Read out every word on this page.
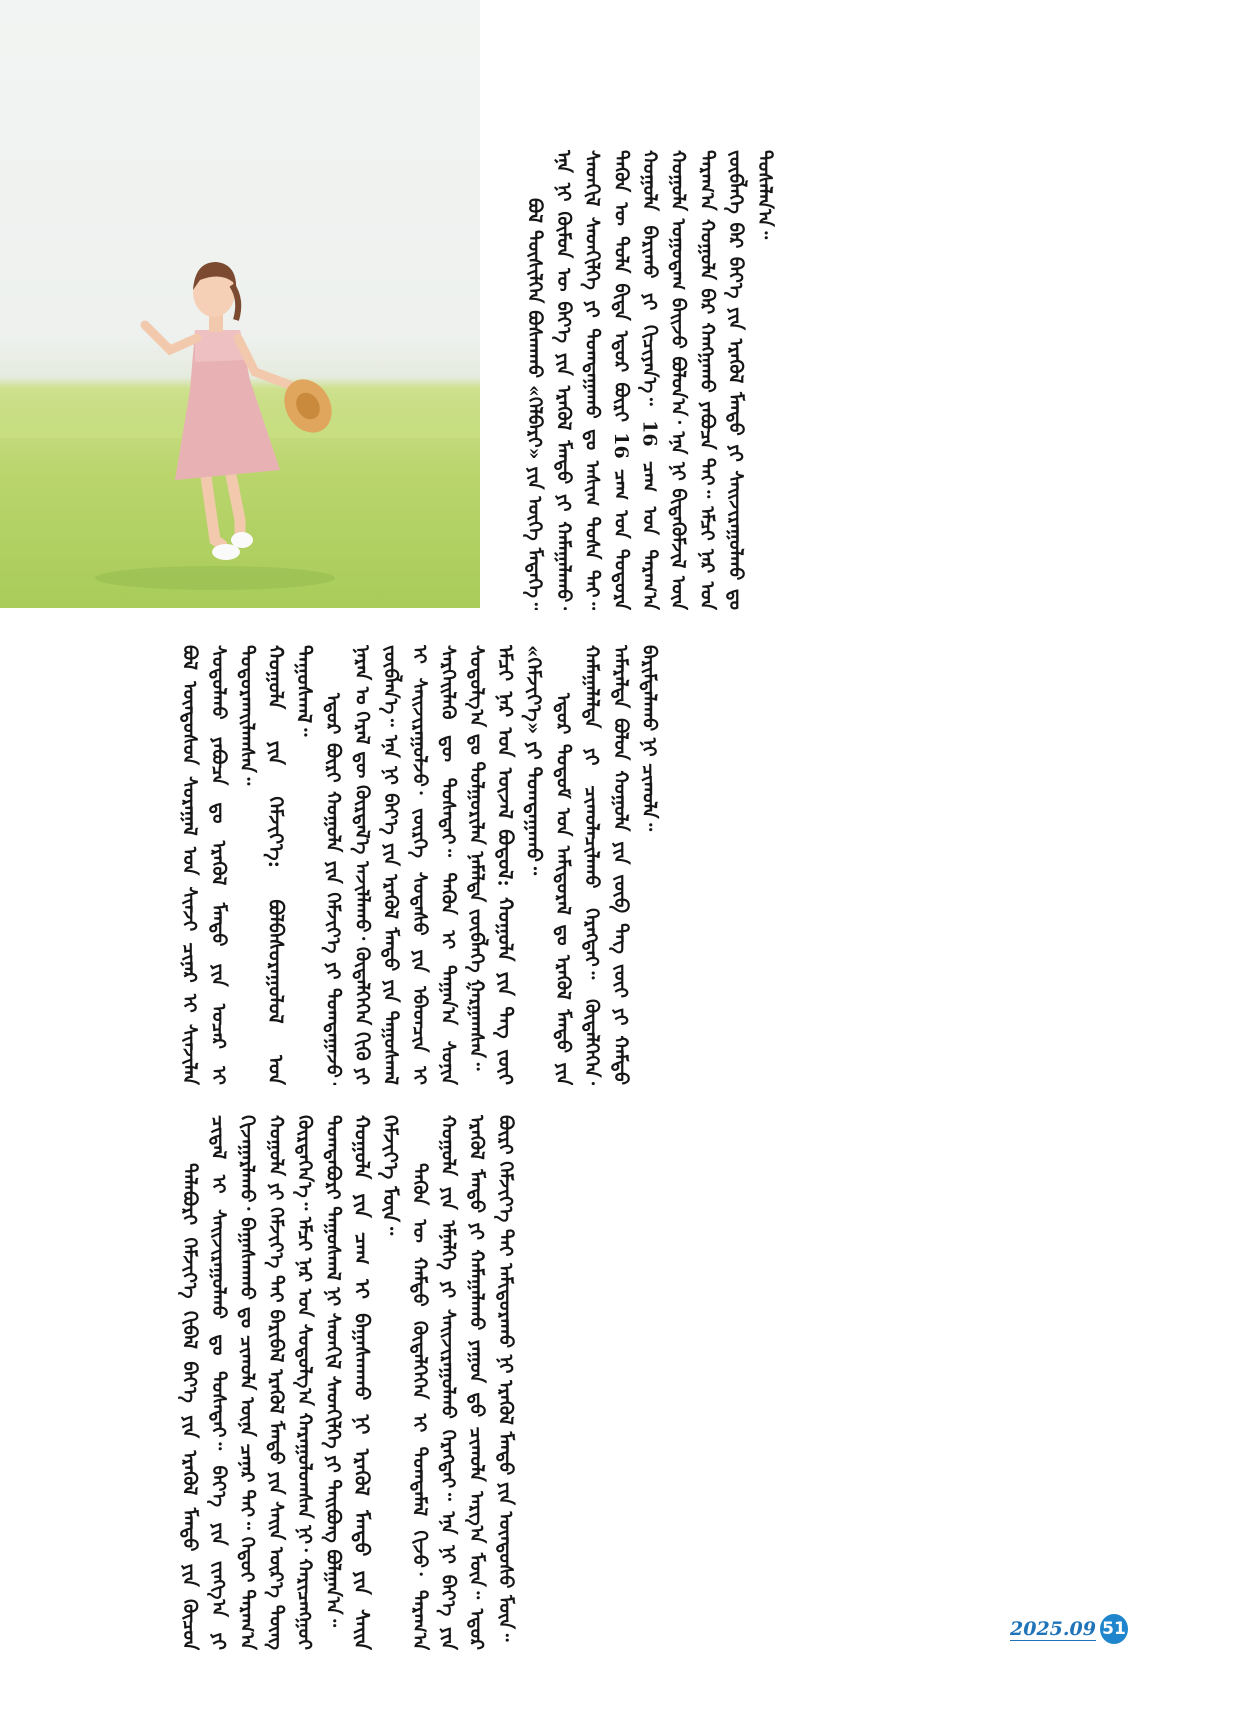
ᠪᠤᠯ ᠲᠦᠰᠢᠯᠬᠡᠨ ᠪᠣᠰᠬᠠᠬᠤ «ᠬᠡᠯᠪᠡᠷᠢ» ᠶᠢᠨ ᠦᠭᠡ ᠮᠡᠳᠡᠭᠡ᠃ ᠡᠨᠡ ᠨᠢ ᠬᠦᠮᠦᠨ ᠦ ᠪᠡᠶ᠎ᠡ ᠶᠢᠨ ᠡᠷᠡᠭᠦᠯ ᠮᠡᠨᠳᠦ ᠶᠢ ᠬᠠᠮᠠᠭᠠᠯᠠᠬᠤ᠂ ᠰᠡᠳᠬᠢᠯ ᠰᠡᠳᠬᠢᠯᠭᠡ ᠶᠢ ᠲᠣᠭᠲᠠᠭᠠᠬᠤ ᠳᠤ ᠠᠰᠢᠭ ᠲᠤᠰᠠ ᠲᠠᠢ᠃ ᠲᠡᠭᠦᠨ ᠦ ᠲᠤᠯᠠ ᠪᠢᠳᠡ ᠡᠳᠦᠷ ᠪᠦᠷᠢ 16 ᠴᠠᠭ ᠤᠨ ᠳᠣᠲᠣᠷᠠ ᠬᠣᠭᠣᠯᠠ ᠪᠠᠷᠢᠬᠤ ᠶᠢ ᠬᠢᠴᠢᠶᠡᠨ᠎ᠡ᠃ 16 ᠴᠠᠭ ᠤᠨ ᠳᠠᠷᠠᠭ᠎ᠠ ᠬᠣᠭᠣᠯᠠ ᠤᠭᠤᠳᠠᠭ ᠪᠠᠢᠵᠤ ᠪᠣᠯᠤᠨ᠎ᠠ᠂ ᠡᠨᠡ ᠨᠢ ᠪᠢᠲᠡᠭᠦᠮᠵᠢᠯ ᠦᠨ ᠳᠠᠷᠠᠭ᠎ᠠ ᠬᠣᠭᠣᠯᠠ ᠪᠡᠷ ᠬᠠᠩᠭᠠᠬᠤ ᠶᠠᠪᠤᠴᠠ ᠲᠠᠢ᠃ ᠡᠮᠴᠢ ᠨᠠᠷ ᠤᠨ ᠵᠥᠪᠯᠡᠭᠡ ᠪᠡᠷ ᠪᠡᠶ᠎ᠡ ᠶᠢᠨ ᠡᠷᠡᠭᠦᠯ ᠮᠡᠨᠳᠦ ᠶᠢ ᠰᠠᠢᠵᠢᠷᠠᠭᠤᠯᠬᠤ ᠳᠤ ᠲᠤᠰᠠᠯᠠᠨ᠎ᠠ᠃

ᠪᠣᠯ ᠦᠨᠳᠦᠰᠦᠨ ᠰᠤᠷᠠᠭᠠᠯ ᠤᠨ ᠰᠢᠨᠵᠢ ᠴᠢᠨᠠᠷ ᠢ ᠰᠢᠨᠵᠢᠯᠡᠨ ᠰᠤᠳᠤᠯᠬᠤ ᠶᠠᠪᠤᠴᠠ ᠳᠤ ᠡᠷᠡᠭᠦᠯ ᠮᠡᠨᠳᠦ ᠶᠢᠨ ᠤᠴᠠᠷ ᠢ ᠲᠣᠳᠣᠷᠬᠠᠢᠯᠠᠭᠰᠠᠨ᠃ ᠬᠣᠭᠣᠯᠠ ᠶᠢᠨ ᠬᠡᠮᠵᠢᠶ᠎ᠡ: ᠪᠣᠯᠪᠠᠰᠤᠷᠠᠭᠤᠯᠤᠯ ᠤᠨ ᠳᠠᠭᠤᠰᠬᠠᠯ᠃

ᠡᠳᠦᠷ ᠪᠦᠷᠢ ᠬᠣᠭᠣᠯᠠ ᠶᠢᠨ ᠬᠡᠮᠵᠢᠶ᠎ᠡ ᠶᠢ ᠲᠣᠭᠲᠠᠭᠠᠵᠤ᠂ ᠨᠠᠷᠠᠨ ᠤ ᠭᠡᠷᠡᠯ ᠳᠦ ᠬᠦᠷᠲᠡᠯ᠎ᠡ ᠠᠵᠢᠯᠯᠠᠬᠤ᠂ ᠬᠥᠳᠡᠯᠭᠡᠭᠡᠨ ᠬᠢᠬᠦ ᠶᠢ ᠵᠥᠪᠯᠡᠨ᠎ᠡ᠃ ᠡᠨᠡ ᠨᠢ ᠪᠡᠶ᠎ᠡ ᠶᠢᠨ ᠡᠷᠡᠭᠦᠯ ᠮᠡᠨᠳᠦ ᠶᠢᠨ ᠳᠠᠭᠤᠰᠬᠠᠯ ᠢ ᠰᠠᠢᠵᠢᠷᠠᠭᠤᠯᠵᠤ᠂ ᠵᠦᠷᠬᠡ ᠰᠤᠳᠠᠰᠤ ᠶᠢᠨ ᠡᠪᠡᠳᠴᠢᠨ ᠢ ᠰᠡᠷᠭᠡᠢᠯᠡᠬᠦ ᠳᠦ ᠲᠤᠰᠠᠲᠠᠢ᠃ ᠲᠡᠭᠦᠨ ᠢ ᠳᠠᠭᠠᠨ᠎ᠠ ᠰᠣᠨᠢᠨ ᠰᠤᠳᠤᠯᠭ᠎ᠠ ᠳᠤ ᠲᠤᠯᠭᠤᠷᠢᠯᠠᠨ ᠨᠡᠮᠡᠯᠲᠡ ᠵᠥᠪᠯᠡᠭᠡ ᠭᠠᠷᠭᠠᠭᠰᠠᠨ᠃ ᠡᠮᠴᠢ ᠨᠠᠷ ᠤᠨ ᠦᠵᠡᠯ ᠪᠣᠳᠤᠯ: ᠬᠣᠭᠣᠯᠠ ᠶᠢᠨ ᠳᠡᠭ ᠵᠦᠢ «ᠬᠡᠮᠵᠢᠶ᠎ᠡ» ᠶᠢ ᠲᠣᠭᠲᠠᠭᠠᠬᠤ᠃ ᠡᠳᠦᠷ ᠲᠤᠲᠤᠮ ᠤᠨ ᠠᠮᠢᠳᠤᠷᠠᠯ ᠳᠤ ᠡᠷᠡᠭᠦᠯ ᠮᠡᠨᠳᠦ ᠶᠢᠨ ᠬᠠᠮᠠᠭᠠᠯᠠᠯᠲᠠ ᠶᠢ ᠴᠢᠬᠤᠯᠠᠴᠢᠯᠠᠬᠤ ᠬᠡᠷᠡᠭᠲᠡᠢ᠃ ᠬᠥᠳᠡᠯᠭᠡᠭᠡᠨ᠂ ᠠᠮᠠᠷᠠᠯᠲᠠ ᠪᠣᠯᠤᠨ ᠬᠣᠭᠣᠯᠠ ᠶᠢᠨ ᠵᠥᠪ ᠳᠡᠭ ᠵᠦᠢ ᠶᠢ ᠬᠠᠮᠲᠤ ᠪᠠᠷᠢᠮᠲᠠᠯᠠᠬᠤ ᠨᠢ ᠴᠢᠬᠤᠯᠠ᠃

ᠲᠠᠯᠠᠪᠤᠷᠢ ᠬᠡᠮᠵᠢᠶ᠎ᠡ ᠬᠢᠪᠡᠯ ᠪᠡᠶ᠎ᠡ ᠶᠢᠨ ᠡᠷᠡᠭᠦᠯ ᠮᠡᠨᠳᠦ ᠶᠢᠨ ᠬᠦᠴᠦᠨ ᠴᠢᠳᠠᠯ ᠢ ᠰᠠᠢᠵᠢᠷᠠᠭᠤᠯᠬᠤ ᠳᠤ ᠲᠤᠰᠠᠲᠠᠢ᠃ ᠪᠡᠶ᠎ᠡ ᠶᠢᠨ ᠵᠢᠩᠭ᠎ᠠ ᠶᠢ ᠬᠢᠵᠠᠭᠠᠷᠯᠠᠬᠤ᠂ ᠪᠠᠭᠠᠰᠬᠠᠬᠤ ᠳᠤ ᠴᠢᠬᠤᠯᠠ ᠦᠨᠡ ᠴᠠᠨᠠᠷ ᠲᠠᠢ᠃ ᠬᠡᠳᠦᠢ ᠳᠠᠷᠠᠭ᠎ᠠ ᠬᠣᠭᠣᠯᠠ ᠶᠢ ᠬᠡᠮᠵᠢᠶ᠎ᠡ ᠲᠠᠢ ᠪᠠᠷᠢᠪᠠᠯ ᠡᠷᠡᠭᠦᠯ ᠮᠡᠨᠳᠦ ᠶᠢᠨ ᠰᠠᠢᠨ ᠦᠷ᠎ᠡ ᠳᠦᠩ ᠬᠦᠷᠲᠡᠭᠡᠨ᠎ᠡ᠃ ᠡᠮᠴᠢ ᠨᠠᠷ ᠤᠨ ᠰᠤᠳᠤᠯᠭ᠎ᠠ ᠬᠠᠷᠠᠭᠤᠯᠤᠭᠰᠠᠨ ᠨᠢ᠂ ᠬᠠᠷᠢᠴᠠᠩᠭᠤᠢ ᠲᠣᠭᠲᠠᠪᠤᠷᠢ ᠳᠠᠭᠤᠰᠬᠠᠯ ᠨᠢ ᠰᠡᠳᠬᠢᠯ ᠰᠡᠳᠬᠢᠯᠭᠡ ᠶᠢ ᠲᠠᠢᠪᠤᠩ ᠪᠣᠯᠭᠠᠨ᠎ᠠ᠃ ᠬᠣᠭᠣᠯᠠ ᠶᠢᠨ ᠴᠠᠭ ᠢ ᠪᠠᠭᠠᠰᠬᠠᠬᠤ ᠨᠢ ᠡᠷᠡᠭᠦᠯ ᠮᠡᠨᠳᠦ ᠶᠢᠨ ᠰᠠᠢᠨ ᠬᠡᠮᠵᠢᠶ᠎ᠡ ᠮᠥᠨ᠃ ᠲᠡᠭᠦᠨ ᠦ ᠬᠠᠮᠲᠤ ᠬᠥᠳᠡᠯᠭᠡᠭᠡᠨ ᠢ ᠲᠣᠭᠲᠠᠮᠠᠯ ᠬᠢᠵᠦ᠂ ᠳᠠᠷᠠᠭ᠎ᠠ ᠬᠣᠭᠣᠯᠠ ᠶᠢᠨ ᠡᠮᠨᠡᠯᠭᠡ ᠶᠢ ᠰᠠᠢᠵᠢᠷᠠᠭᠤᠯᠬᠤ ᠬᠡᠷᠡᠭᠲᠡᠢ᠃ ᠡᠨᠡ ᠨᠢ ᠪᠡᠶ᠎ᠡ ᠶᠢᠨ ᠡᠷᠡᠭᠦᠯ ᠮᠡᠨᠳᠦ ᠶᠢ ᠬᠠᠮᠠᠭᠠᠯᠠᠬᠤ ᠶᠠᠭᠤᠨ ᠳ᠋ᠦ ᠴᠢᠬᠤᠯᠠ ᠠᠷᠭ᠎ᠠ ᠮᠥᠨ᠃ ᠡᠳᠦᠷ ᠪᠦᠷᠢ ᠬᠡᠮᠵᠢᠶ᠎ᠡ ᠲᠠᠢ ᠠᠮᠢᠳᠤᠷᠠᠬᠤ ᠨᠢ ᠡᠷᠡᠭᠦᠯ ᠮᠡᠨᠳᠦ ᠶᠢᠨ ᠦᠨᠳᠦᠰᠦ ᠮᠥᠨ᠃	2025.09 51
